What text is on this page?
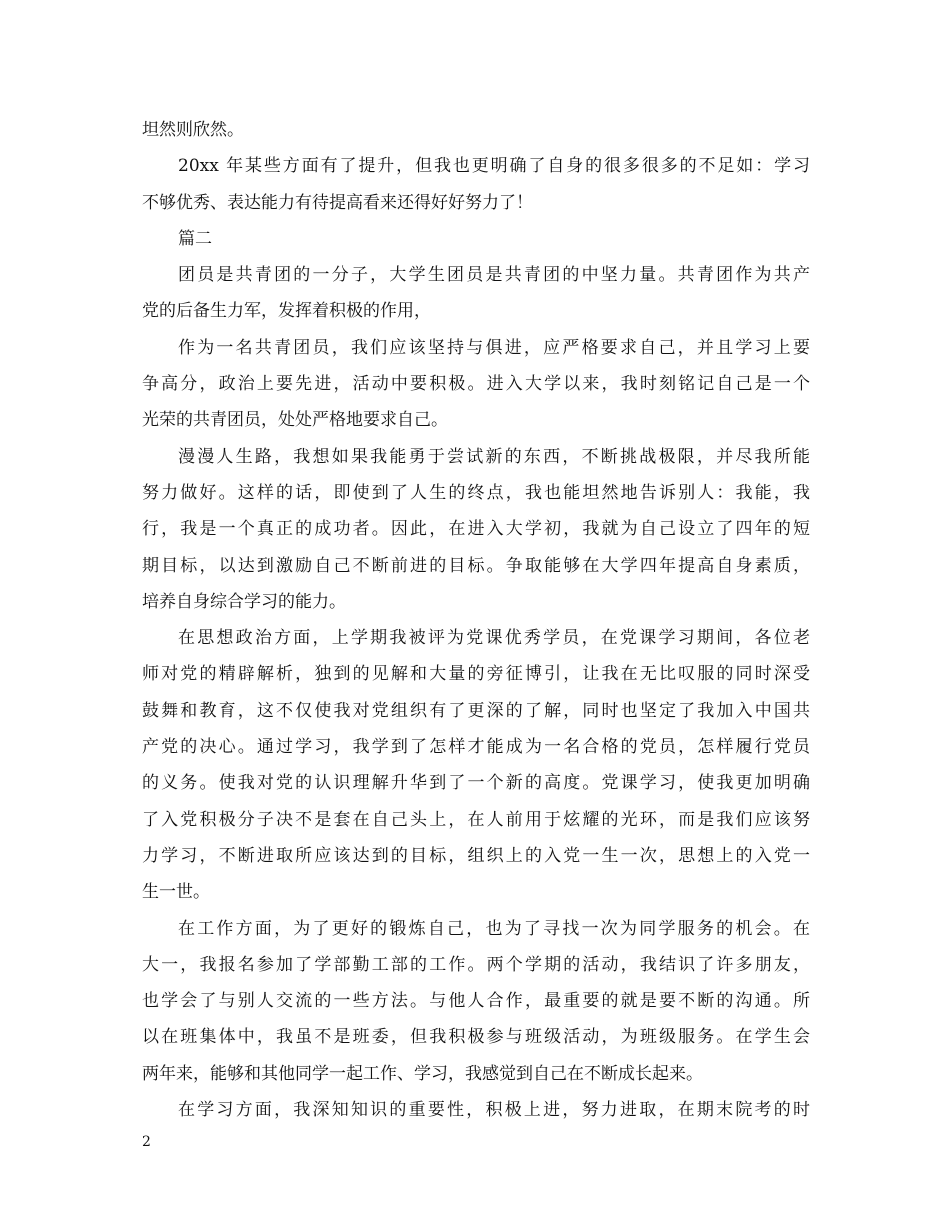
坦然则欣然。
20xx 年某些方面有了提升，但我也更明确了自身的很多很多的不足如：学习
不够优秀、表达能力有待提高看来还得好好努力了！
篇二
团员是共青团的一分子，大学生团员是共青团的中坚力量。共青团作为共产
党的后备生力军，发挥着积极的作用，
作为一名共青团员，我们应该坚持与俱进，应严格要求自己，并且学习上要
争高分，政治上要先进，活动中要积极。进入大学以来，我时刻铭记自己是一个
光荣的共青团员，处处严格地要求自己。
漫漫人生路，我想如果我能勇于尝试新的东西，不断挑战极限，并尽我所能
努力做好。这样的话，即使到了人生的终点，我也能坦然地告诉别人：我能，我
行，我是一个真正的成功者。因此，在进入大学初，我就为自己设立了四年的短
期目标，以达到激励自己不断前进的目标。争取能够在大学四年提高自身素质，
培养自身综合学习的能力。
在思想政治方面，上学期我被评为党课优秀学员，在党课学习期间，各位老
师对党的精辟解析，独到的见解和大量的旁征博引，让我在无比叹服的同时深受
鼓舞和教育，这不仅使我对党组织有了更深的了解，同时也坚定了我加入中国共
产党的决心。通过学习，我学到了怎样才能成为一名合格的党员，怎样履行党员
的义务。使我对党的认识理解升华到了一个新的高度。党课学习，使我更加明确
了入党积极分子决不是套在自己头上，在人前用于炫耀的光环，而是我们应该努
力学习，不断进取所应该达到的目标，组织上的入党一生一次，思想上的入党一
生一世。
在工作方面，为了更好的锻炼自己，也为了寻找一次为同学服务的机会。在
大一，我报名参加了学部勤工部的工作。两个学期的活动，我结识了许多朋友，
也学会了与别人交流的一些方法。与他人合作，最重要的就是要不断的沟通。所
以在班集体中，我虽不是班委，但我积极参与班级活动，为班级服务。在学生会
两年来，能够和其他同学一起工作、学习，我感觉到自己在不断成长起来。
在学习方面，我深知知识的重要性，积极上进，努力进取，在期末院考的时
2
